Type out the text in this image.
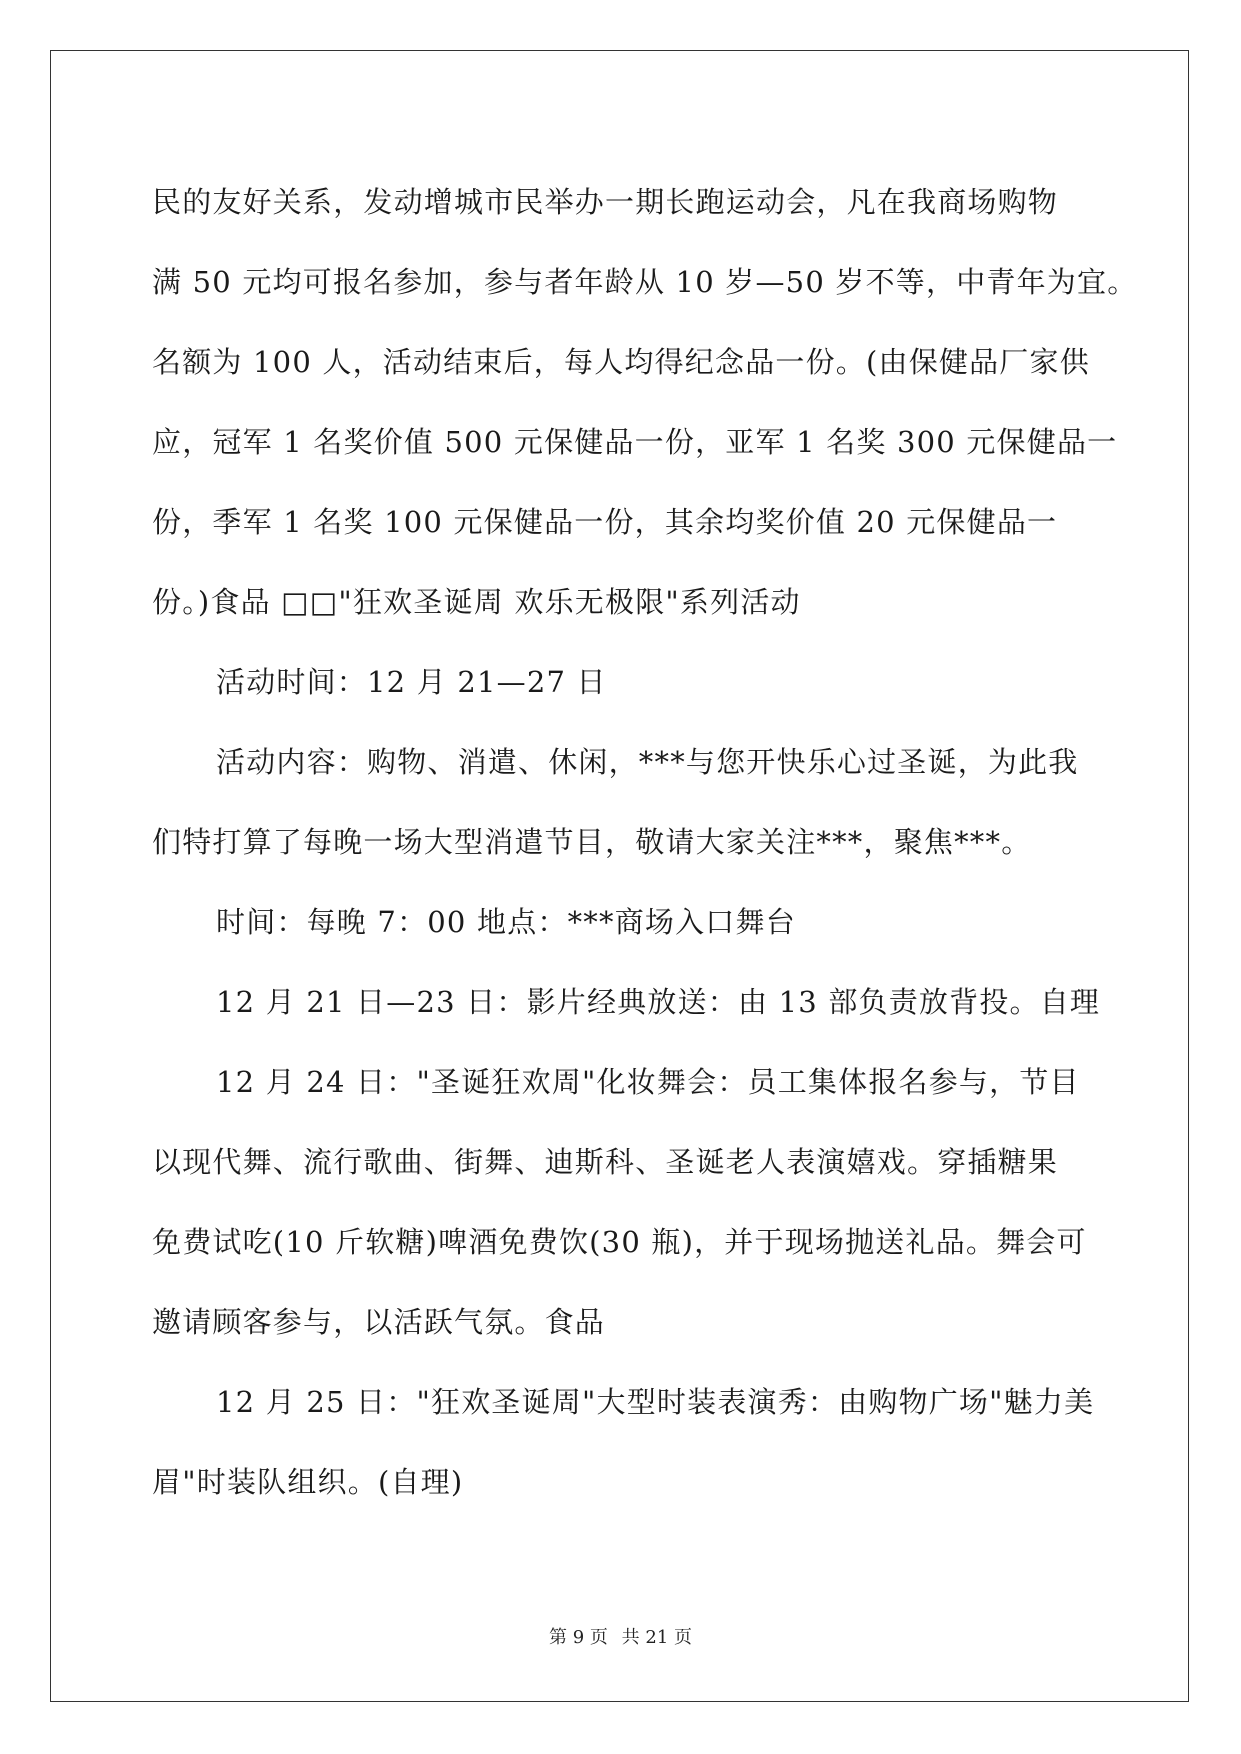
民的友好关系，发动增城市民举办一期长跑运动会，凡在我商场购物

满 50 元均可报名参加，参与者年龄从 10 岁—50 岁不等，中青年为宜。

名额为 100 人，活动结束后，每人均得纪念品一份。(由保健品厂家供

应，冠军 1 名奖价值 500 元保健品一份，亚军 1 名奖 300 元保健品一

份，季军 1 名奖 100 元保健品一份，其余均奖价值 20 元保健品一

份。)食品 □□"狂欢圣诞周 欢乐无极限"系列活动

活动时间：12 月 21—27 日

活动内容：购物、消遣、休闲，***与您开快乐心过圣诞，为此我

们特打算了每晚一场大型消遣节目，敬请大家关注***，聚焦***。

时间：每晚 7：00 地点：***商场入口舞台

12 月 21 日—23 日：影片经典放送：由 13 部负责放背投。自理

12 月 24 日："圣诞狂欢周"化妆舞会：员工集体报名参与，节目

以现代舞、流行歌曲、街舞、迪斯科、圣诞老人表演嬉戏。穿插糖果

免费试吃(10 斤软糖)啤酒免费饮(30 瓶)，并于现场抛送礼品。舞会可

邀请顾客参与，以活跃气氛。食品

12 月 25 日："狂欢圣诞周"大型时装表演秀：由购物广场"魅力美

眉"时装队组织。(自理)

第 9 页 共 21 页
